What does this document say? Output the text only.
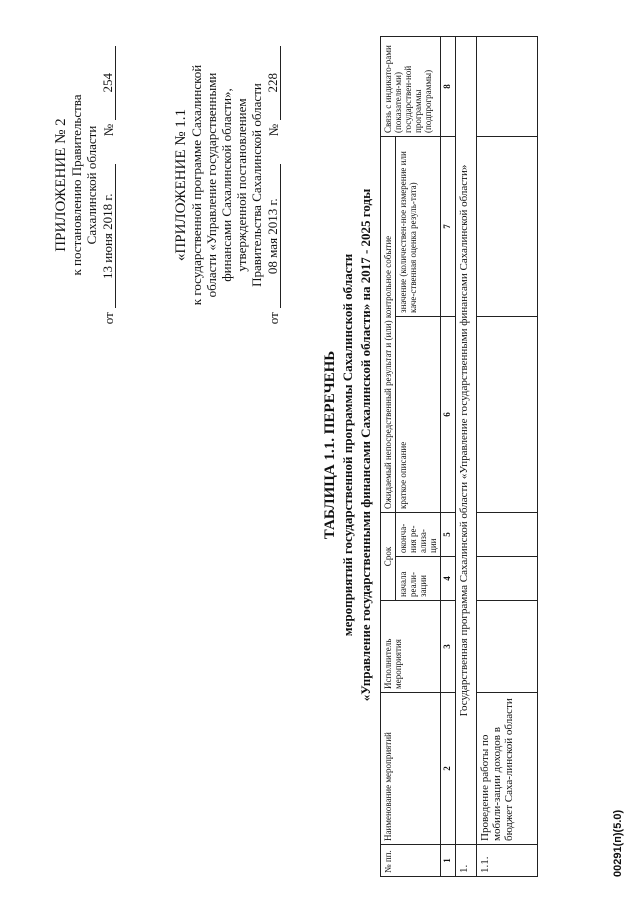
ПРИЛОЖЕНИЕ № 2 к постановлению Правительства Сахалинской области
от
13 июня 2018 г.
№
254
«ПРИЛОЖЕНИЕ № 1.1 к государственной программе Сахалинской области «Управление государственными финансами Сахалинской области», утвержденной постановлением Правительства Сахалинской области
от
08 мая 2013 г.
№
228
ТАБЛИЦА 1.1. ПЕРЕЧЕНЬ мероприятий государственной программы Сахалинской области «Управление государственными финансами Сахалинской области» на 2017 - 2025 годы
№ пп.	Наименование мероприятий	Исполнитель мероприятия	Срок		Ожидаемый непосредственный результат и (или) контрольное событие		Связь с индикато-рами (показателя-ми) государствен-ной программы (подпрограммы)
			начала реали-зации	оконча-ния ре-ализа-ции	краткое описание	значение (количествен-ное измерение или каче-ственная оценка резуль-тата)	
1	2	3	4	5	6	7	8
1.	Государственная программа Сахалинской области «Управление государственными финансами Сахалинской области»						
1.1.	Проведение работы по мобили-зации доходов в бюджет Саха-линской области						
00291(п)(5.0)
